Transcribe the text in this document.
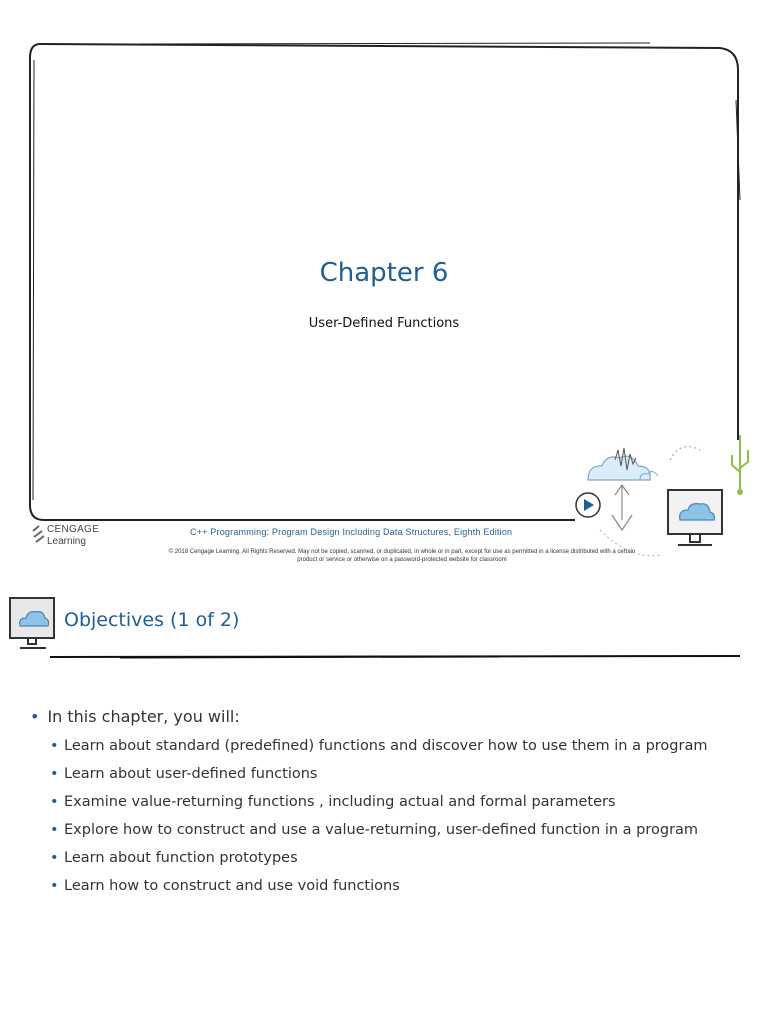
Chapter 6
User-Defined Functions
CENGAGE
Learning
C++ Programming: Program Design Including Data Structures, Eighth Edition
© 2018 Cengage Learning. All Rights Reserved. May not be copied, scanned, or duplicated, in whole or in part, except for use as permitted in a license distributed with a certain
product or service or otherwise on a password-protected website for classroom
Objectives (1 of 2)
• In this chapter, you will:
• Learn about standard (predefined) functions and discover how to use them in a program
• Learn about user-defined functions
• Examine value-returning functions , including actual and formal parameters
• Explore how to construct and use a value-returning, user-defined function in a program
• Learn about function prototypes
• Learn how to construct and use void functions
